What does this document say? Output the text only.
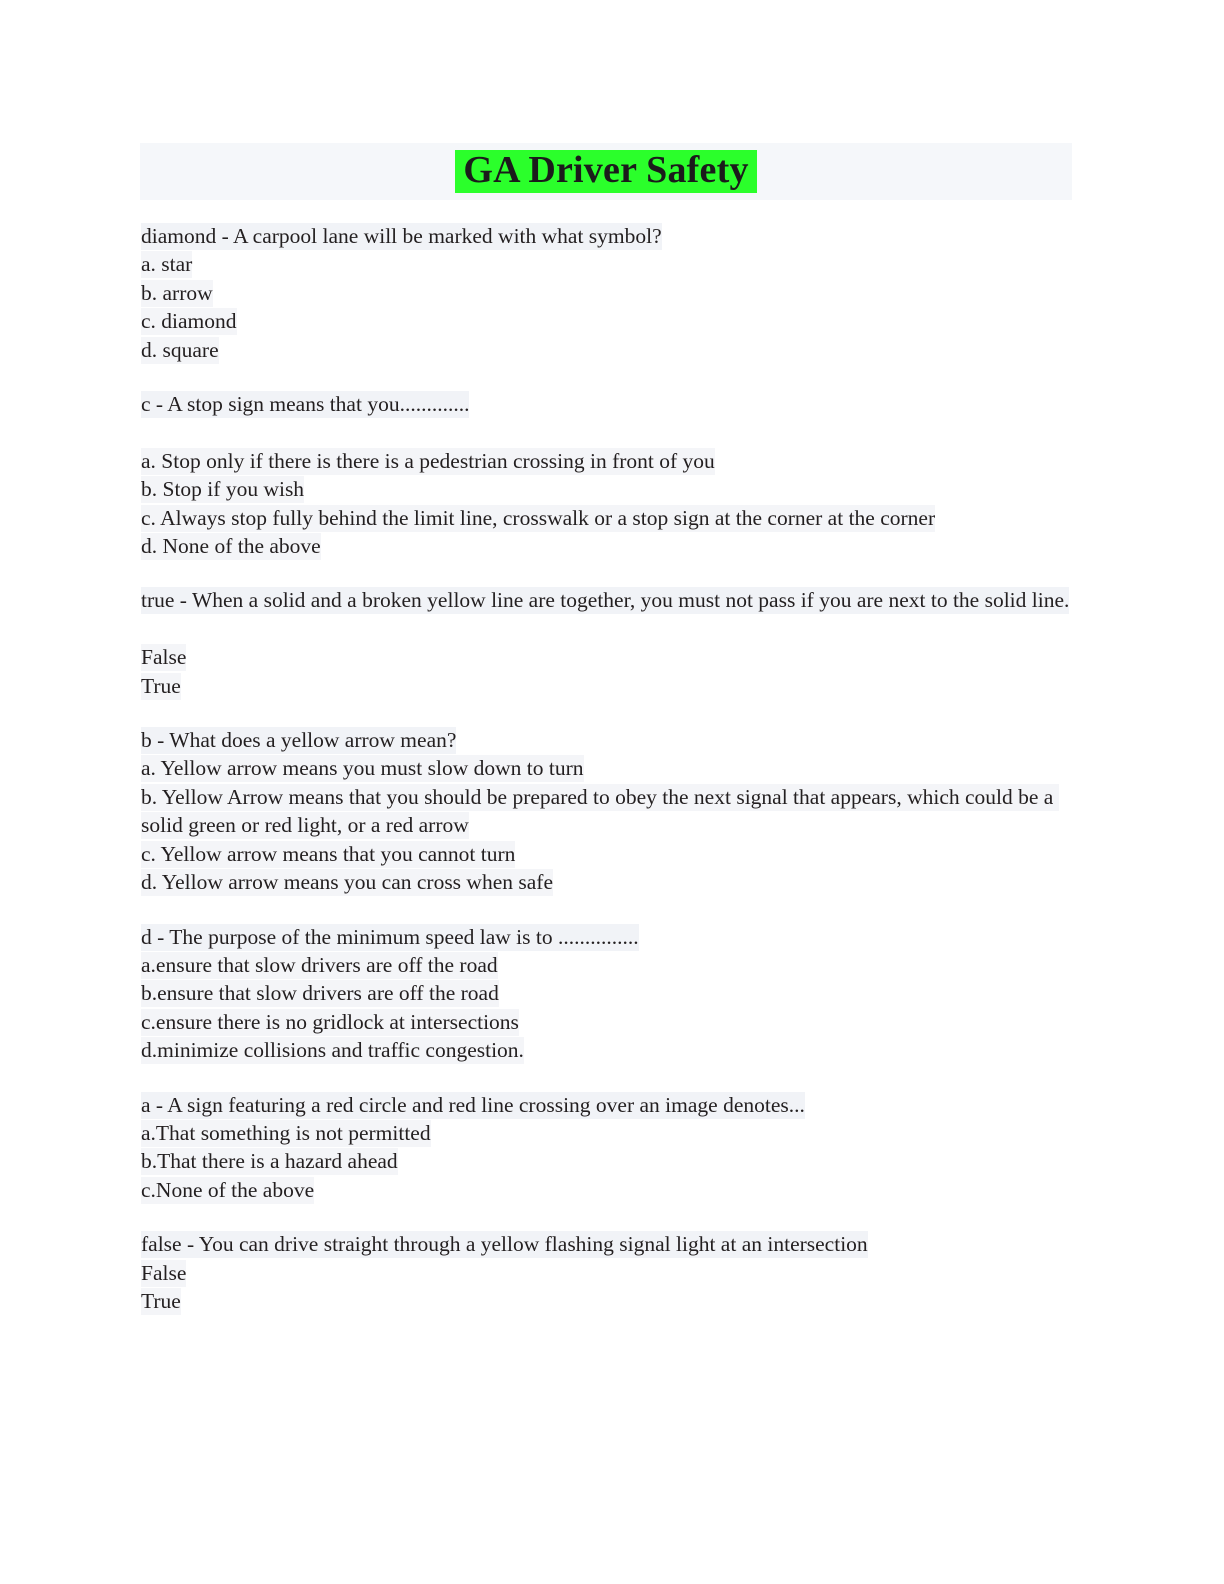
GA Driver Safety

diamond - A carpool lane will be marked with what symbol?

a. star

b. arrow

c. diamond

d. square

c - A stop sign means that you.............

a. Stop only if there is there is a pedestrian crossing in front of you

b. Stop if you wish

c. Always stop fully behind the limit line, crosswalk or a stop sign at the corner at the corner

d. None of the above

true - When a solid and a broken yellow line are together, you must not pass if you are next to the solid line.

False

True

b - What does a yellow arrow mean?

a. Yellow arrow means you must slow down to turn

b. Yellow Arrow means that you should be prepared to obey the next signal that appears, which could be a solid green or red light, or a red arrow

c. Yellow arrow means that you cannot turn

d. Yellow arrow means you can cross when safe

d - The purpose of the minimum speed law is to ...............

a.ensure that slow drivers are off the road

b.ensure that slow drivers are off the road

c.ensure there is no gridlock at intersections

d.minimize collisions and traffic congestion.

a - A sign featuring a red circle and red line crossing over an image denotes...

a.That something is not permitted

b.That there is a hazard ahead

c.None of the above

false - You can drive straight through a yellow flashing signal light at an intersection

False

True
